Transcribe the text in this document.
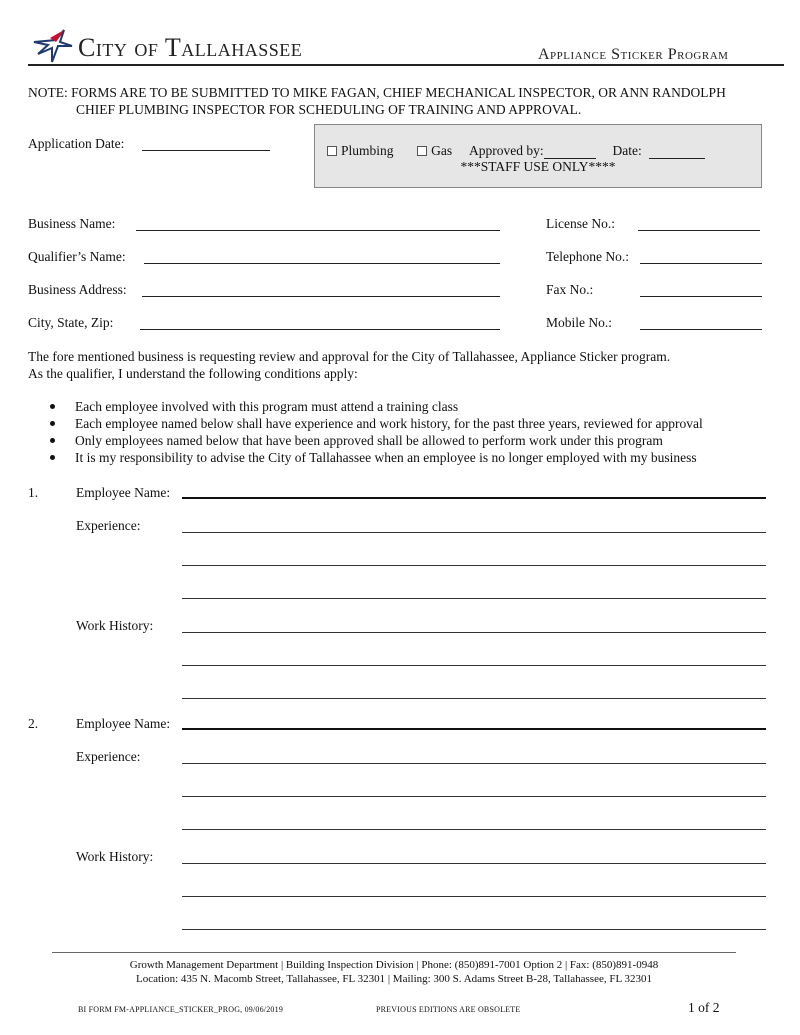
City of Tallahassee	Appliance Sticker Program
NOTE: FORMS ARE TO BE SUBMITTED TO MIKE FAGAN, CHIEF MECHANICAL INSPECTOR, OR ANN RANDOLPH
CHIEF PLUMBING INSPECTOR FOR SCHEDULING OF TRAINING AND APPROVAL.
Application Date:	Plumbing	Gas Approved by:	Date:
***STAFF USE ONLY****
Business Name:
Qualifier’s Name:
Business Address:
City, State, Zip:
License No.:
Telephone No.:
Fax No.:
Mobile No.:
The fore mentioned business is requesting review and approval for the City of Tallahassee, Appliance Sticker program.
As the qualifier, I understand the following conditions apply:
Each employee involved with this program must attend a training class
Each employee named below shall have experience and work history, for the past three years, reviewed for approval
Only employees named below that have been approved shall be allowed to perform work under this program
It is my responsibility to advise the City of Tallahassee when an employee is no longer employed with my business
1.	Employee Name:
Experience:
Work History:
2.	Employee Name:
Experience:
Work History:
Growth Management Department | Building Inspection Division | Phone: (850)891-7001 Option 2 | Fax: (850)891-0948
Location: 435 N. Macomb Street, Tallahassee, FL 32301 | Mailing: 300 S. Adams Street B-28, Tallahassee, FL 32301
BI FORM FM-APPLIANCE_STICKER_PROG, 09/06/2019	PREVIOUS EDITIONS ARE OBSOLETE	1 of 2
